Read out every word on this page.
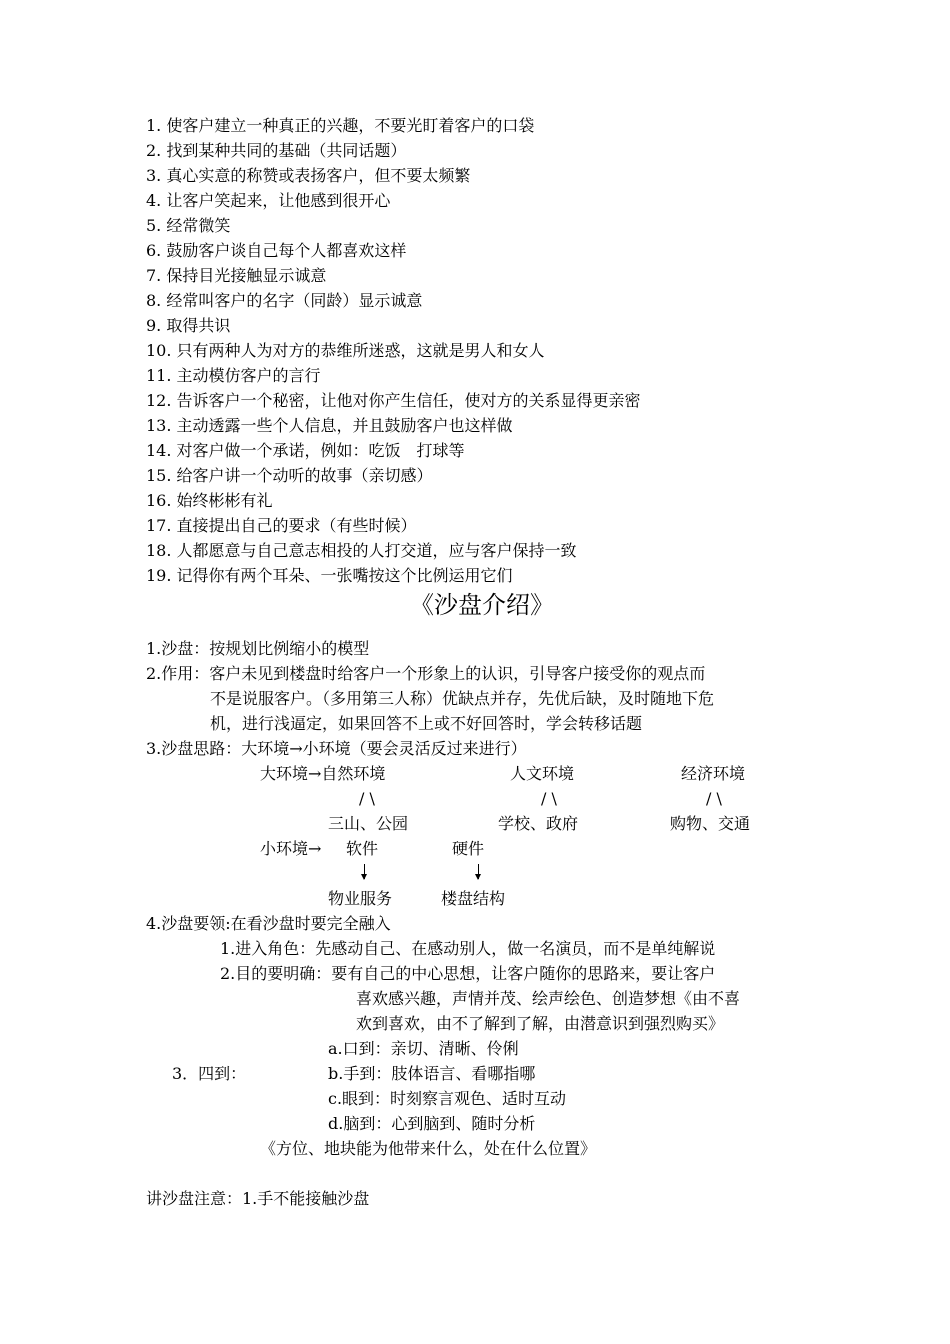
1. 使客户建立一种真正的兴趣，不要光盯着客户的口袋
2. 找到某种共同的基础（共同话题）
3. 真心实意的称赞或表扬客户，但不要太频繁
4. 让客户笑起来，让他感到很开心
5. 经常微笑
6. 鼓励客户谈自己每个人都喜欢这样
7. 保持目光接触显示诚意
8. 经常叫客户的名字（同龄）显示诚意
9. 取得共识
10. 只有两种人为对方的恭维所迷惑，这就是男人和女人
11. 主动模仿客户的言行
12. 告诉客户一个秘密，让他对你产生信任，使对方的关系显得更亲密
13. 主动透露一些个人信息，并且鼓励客户也这样做
14. 对客户做一个承诺，例如：吃饭　打球等
15. 给客户讲一个动听的故事（亲切感）
16. 始终彬彬有礼
17. 直接提出自己的要求（有些时候）
18. 人都愿意与自己意志相投的人打交道，应与客户保持一致
19. 记得你有两个耳朵、一张嘴按这个比例运用它们
《沙盘介绍》
1.沙盘：按规划比例缩小的模型
2.作用：客户未见到楼盘时给客户一个形象上的认识，引导客户接受你的观点而
不是说服客户。（多用第三人称）优缺点并存，先优后缺，及时随地下危
机，进行浅逼定，如果回答不上或不好回答时，学会转移话题
3.沙盘思路：大环境→小环境（要会灵活反过来进行）
大环境→自然环境	人文环境	经济环境
/ \	/ \	/ \
三山、公园	学校、政府	购物、交通
小环境→ 软件	硬件
物业服务	楼盘结构
4.沙盘要领:在看沙盘时要完全融入
1.进入角色：先感动自己、在感动别人，做一名演员，而不是单纯解说
2.目的要明确：要有自己的中心思想，让客户随你的思路来，要让客户
喜欢感兴趣，声情并茂、绘声绘色、创造梦想《由不喜
欢到喜欢，由不了解到了解，由潜意识到强烈购买》
3．四到：
a.口到：亲切、清晰、伶俐
b.手到：肢体语言、看哪指哪
c.眼到：时刻察言观色、适时互动
d.脑到：心到脑到、随时分析
《方位、地块能为他带来什么，处在什么位置》
讲沙盘注意：1.手不能接触沙盘
